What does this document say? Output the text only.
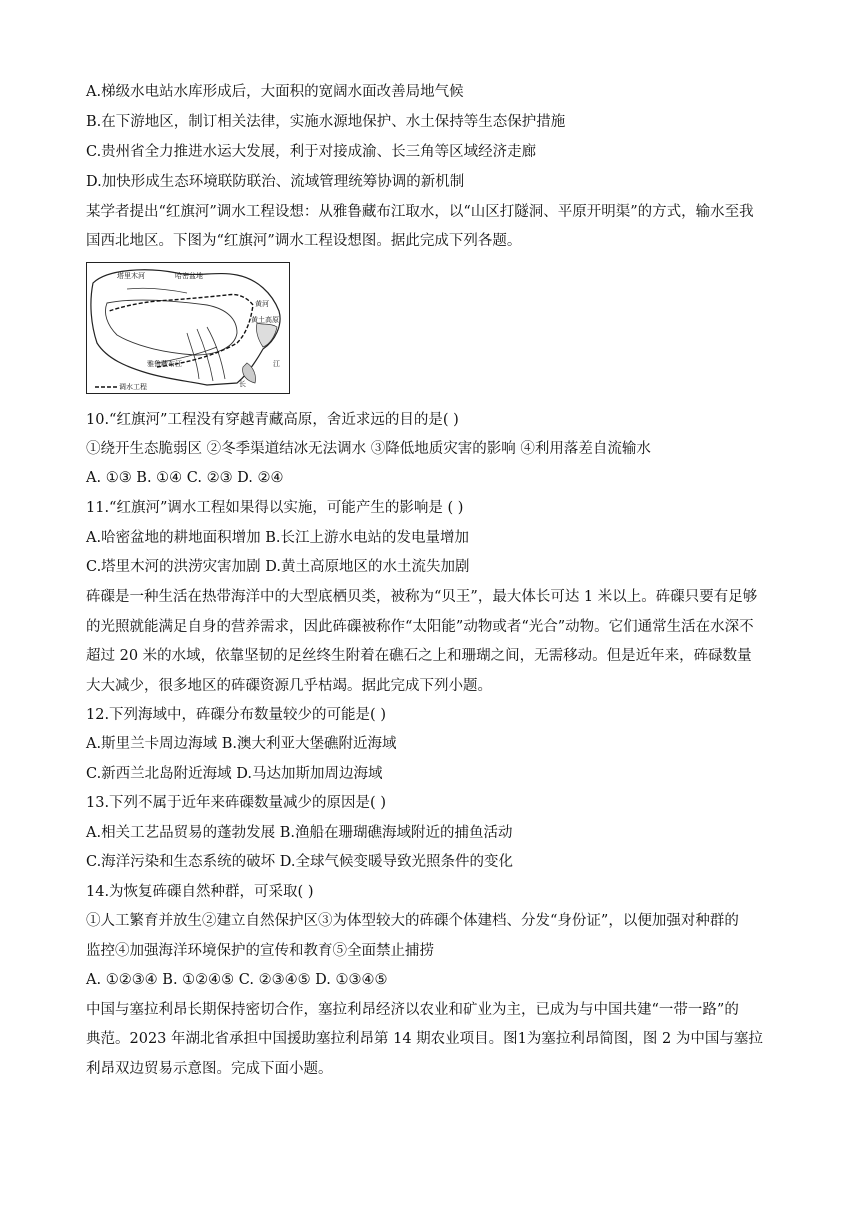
A.梯级水电站水库形成后，大面积的宽阔水面改善局地气候
B.在下游地区，制订相关法律，实施水源地保护、水土保持等生态保护措施
C.贵州省全力推进水运大发展，利于对接成渝、长三角等区域经济走廊
D.加快形成生态环境联防联治、流域管理统筹协调的新机制
某学者提出“红旗河”调水工程设想：从雅鲁藏布江取水，以“山区打隧洞、平原开明渠”的方式，输水至我
国西北地区。下图为“红旗河”调水工程设想图。据此完成下列各题。
塔里木河	哈密盆地
黄河
黄土高原
雅鲁藏布江	江
长
调水工程
10.“红旗河”工程没有穿越青藏高原，舍近求远的目的是( )
①绕开生态脆弱区 ②冬季渠道结冰无法调水 ③降低地质灾害的影响 ④利用落差自流输水
A. ①③ B. ①④ C. ②③ D. ②④
11.“红旗河”调水工程如果得以实施，可能产生的影响是 ( )
A.哈密盆地的耕地面积增加 B.长江上游水电站的发电量增加
C.塔里木河的洪涝灾害加剧 D.黄土高原地区的水土流失加剧
砗磲是一种生活在热带海洋中的大型底栖贝类，被称为“贝王”，最大体长可达 1 米以上。砗磲只要有足够
的光照就能满足自身的营养需求，因此砗磲被称作“太阳能”动物或者“光合”动物。它们通常生活在水深不
超过 20 米的水域，依靠坚韧的足丝终生附着在礁石之上和珊瑚之间，无需移动。但是近年来，砗碌数量
大大减少，很多地区的砗磲资源几乎枯竭。据此完成下列小题。
12.下列海域中，砗磲分布数量较少的可能是( )
A.斯里兰卡周边海域 B.澳大利亚大堡礁附近海域
C.新西兰北岛附近海域 D.马达加斯加周边海域
13.下列不属于近年来砗磲数量减少的原因是( )
A.相关工艺品贸易的蓬勃发展 B.渔船在珊瑚礁海域附近的捕鱼活动
C.海洋污染和生态系统的破坏 D.全球气候变暖导致光照条件的变化
14.为恢复砗磲自然种群，可采取( )
①人工繁育并放生②建立自然保护区③为体型较大的砗磲个体建档、分发“身份证”，以便加强对种群的
监控④加强海洋环境保护的宣传和教育⑤全面禁止捕捞
A. ①②③④ B. ①②④⑤ C. ②③④⑤ D. ①③④⑤
中国与塞拉利昂长期保持密切合作，塞拉利昂经济以农业和矿业为主，已成为与中国共建“一带一路”的
典范。2023 年湖北省承担中国援助塞拉利昂第 14 期农业项目。图1为塞拉利昂简图，图 2 为中国与塞拉
利昂双边贸易示意图。完成下面小题。
